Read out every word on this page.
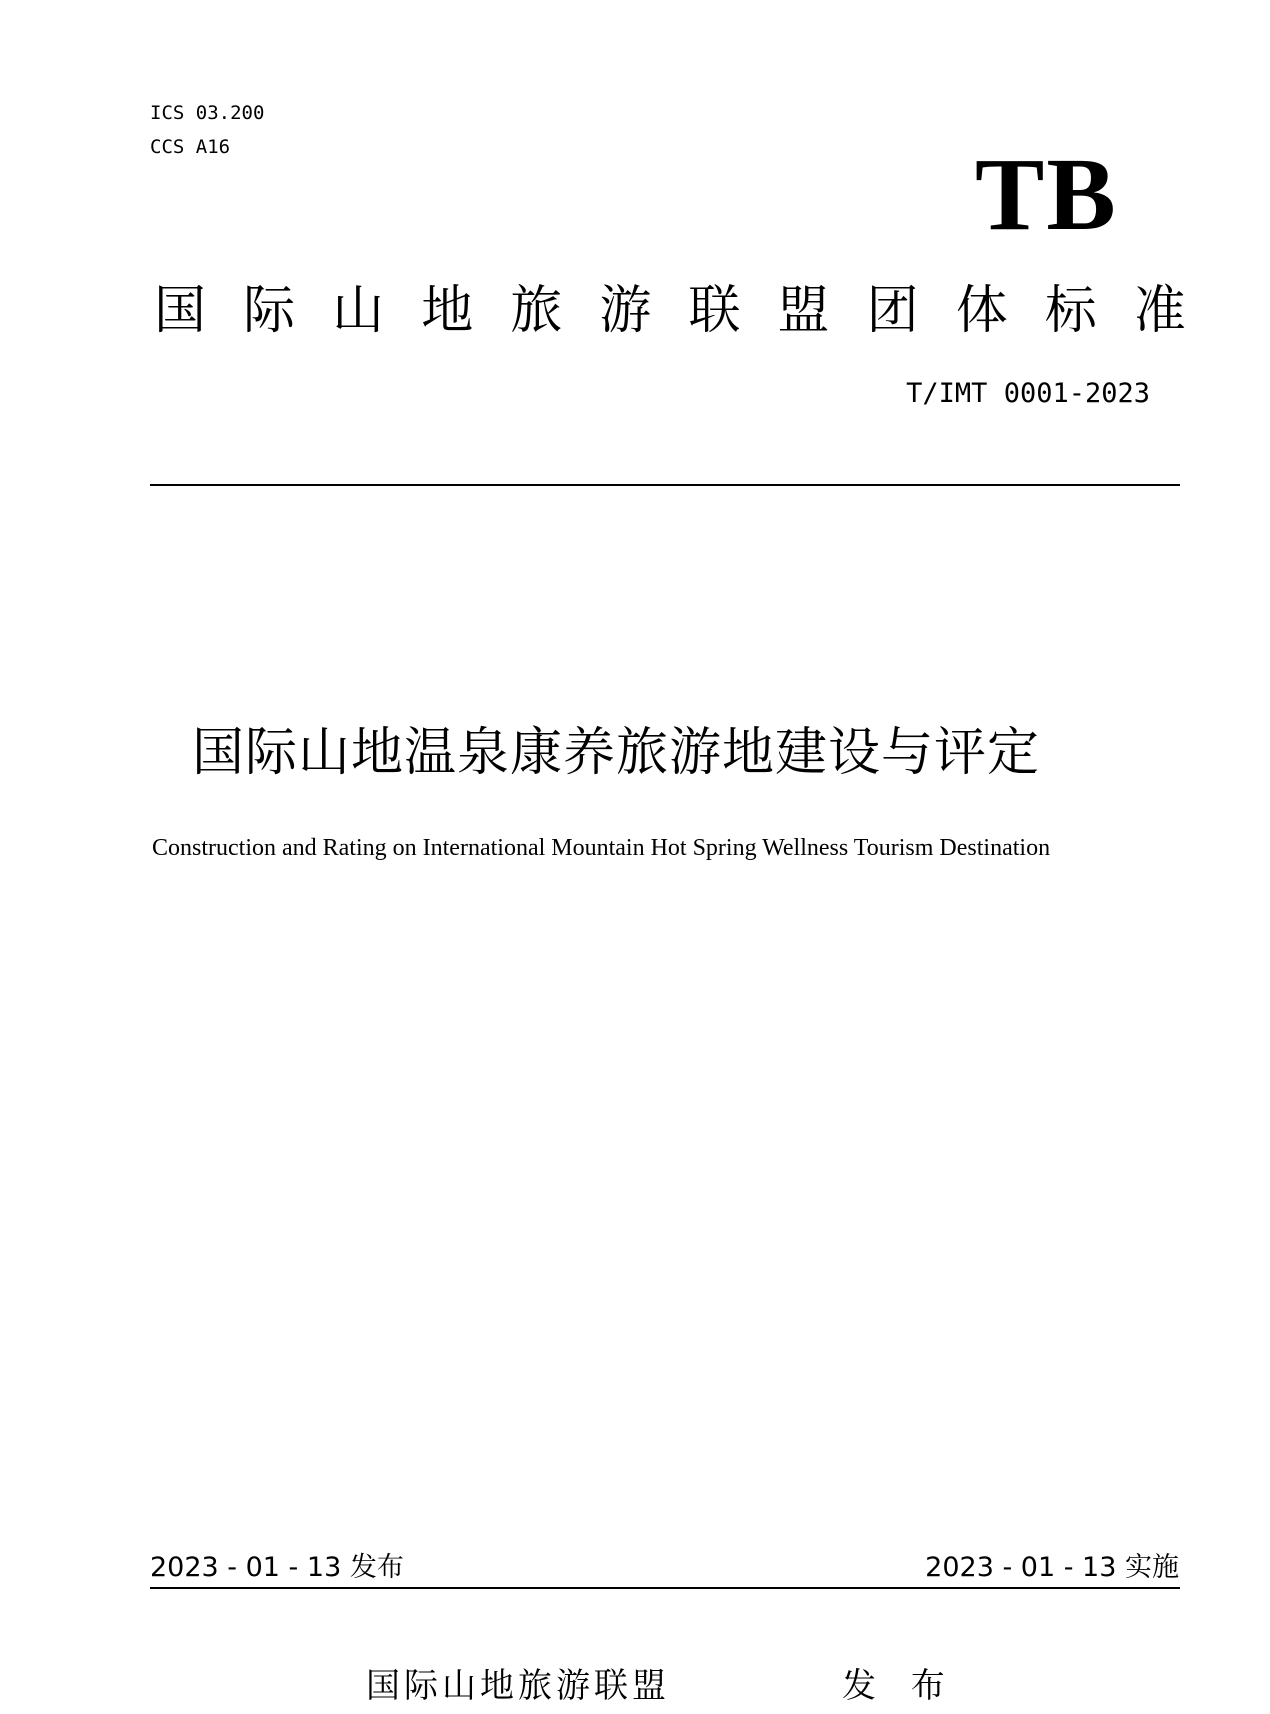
ICS 03.200
CCS A16	TB
国 际 山 地 旅 游 联 盟 团 体 标 准
T/IMT 0001-2023
国际山地温泉康养旅游地建设与评定
Construction and Rating on International Mountain Hot Spring Wellness Tourism Destination
2023 - 01 - 13 发布	2023 - 01 - 13 实施
国际山地旅游联盟	发 布
